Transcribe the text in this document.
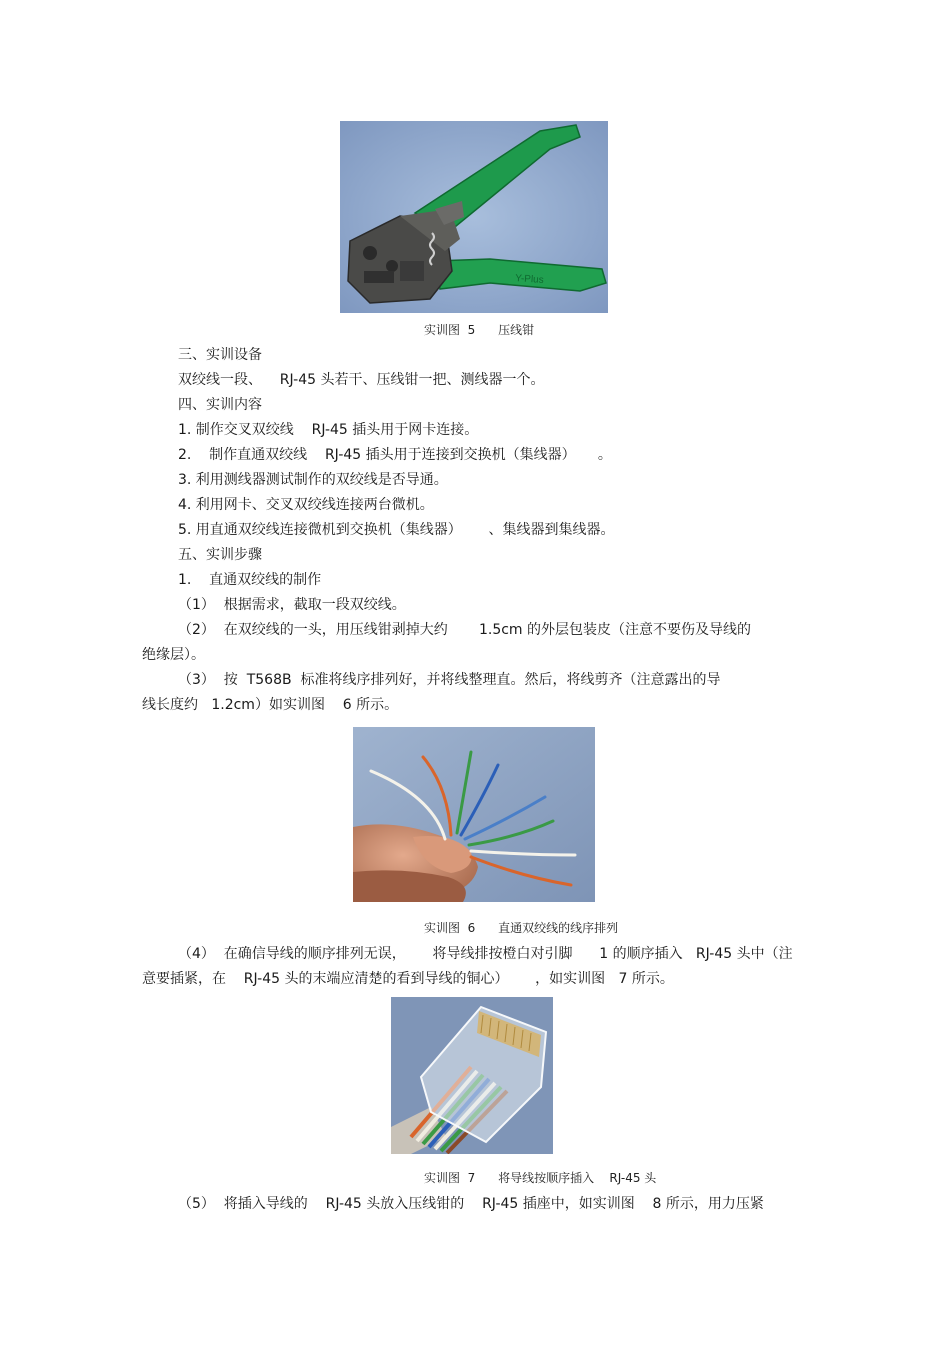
Y-Plus
实训图  5      压线钳
三、实训设备
双绞线一段、    RJ-45 头若干、压线钳一把、测线器一个。
四、实训内容
1. 制作交叉双绞线    RJ-45 插头用于网卡连接。
2.    制作直通双绞线    RJ-45 插头用于连接到交换机（集线器）     。
3. 利用测线器测试制作的双绞线是否导通。
4. 利用网卡、交叉双绞线连接两台微机。
5. 用直通双绞线连接微机到交换机（集线器）      、集线器到集线器。
五、实训步骤
1.    直通双绞线的制作
（1）  根据需求，截取一段双绞线。
（2）  在双绞线的一头，用压线钳剥掉大约       1.5cm 的外层包装皮（注意不要伤及导线的
绝缘层）。
（3）  按  T568B  标准将线序排列好，并将线整理直。然后，将线剪齐（注意露出的导
线长度约   1.2cm）如实训图    6 所示。
实训图  6      直通双绞线的线序排列
（4）  在确信导线的顺序排列无误，      将导线排按橙白对引脚      1 的顺序插入   RJ-45 头中（注
意要插紧，在    RJ-45 头的末端应清楚的看到导线的铜心）      ，如实训图   7 所示。
实训图  7      将导线按顺序插入    RJ-45 头
（5）  将插入导线的    RJ-45 头放入压线钳的    RJ-45 插座中，如实训图    8 所示，用力压紧
